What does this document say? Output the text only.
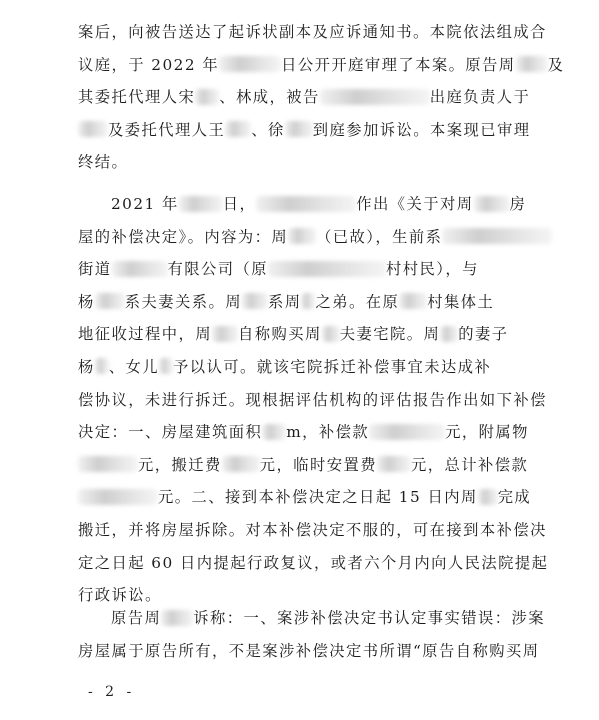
案后，向被告送达了起诉状副本及应诉通知书。本院依法组成合
议庭，于 2022 年	日公开开庭审理了本案。原告周 及
其委托代理人宋 、林成，被告	出庭负责人于
及委托代理人王 、徐 到庭参加诉讼。本案现已审理
终结。
2021 年	日，	作出《关于对周 房
屋的补偿决定》。内容为：周 （已故），生前系
街道	有限公司（原	村村民），与
杨 系夫妻关系。周 系周 之弟。在原 村集体土
地征收过程中，周 自称购买周 夫妻宅院。周 的妻子
杨 、女儿 予以认可。就该宅院拆迁补偿事宜未达成补
偿协议，未进行拆迁。现根据评估机构的评估报告作出如下补偿
决定：一、房屋建筑面积 m，补偿款	元，附属物
元，搬迁费 元，临时安置费 元，总计补偿款
元。二、接到本补偿决定之日起 15 日内周 完成
搬迁，并将房屋拆除。对本补偿决定不服的，可在接到本补偿决
定之日起 60 日内提起行政复议，或者六个月内向人民法院提起
行政诉讼。
原告周 诉称：一、案涉补偿决定书认定事实错误：涉案
房屋属于原告所有，不是案涉补偿决定书所谓“原告自称购买周
- 2 -
